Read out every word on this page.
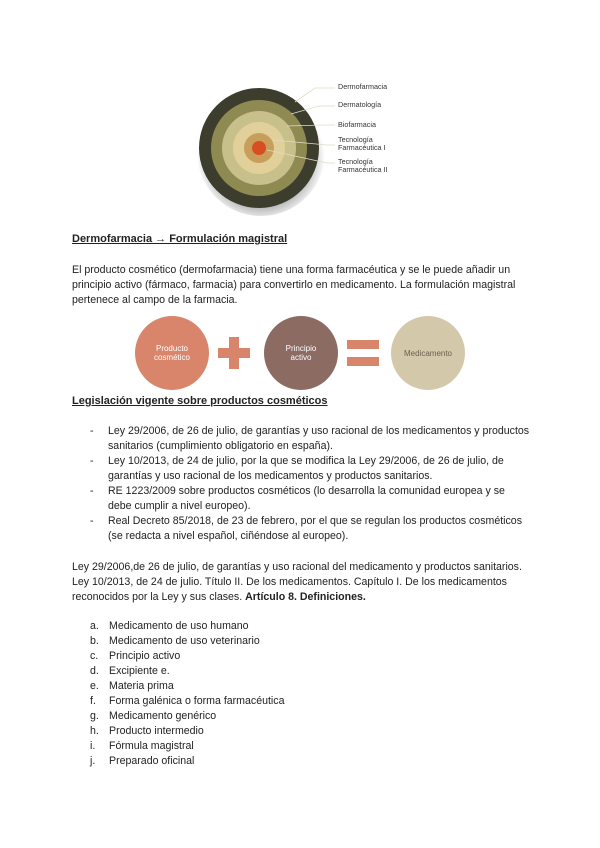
Dermofarmacia
Dermatología
Biofarmacia
Tecnología Farmacéutica I
Tecnología Farmacéutica II
Dermofarmacia → Formulación magistral
El producto cosmético (dermofarmacia) tiene una forma farmacéutica y se le puede añadir un principio activo (fármaco, farmacia) para convertirlo en medicamento. La formulación magistral pertenece al campo de la farmacia.
Producto cosmético
Principio activo	Medicamento
Legislación vigente sobre productos cosméticos
- Ley 29/2006, de 26 de julio, de garantías y uso racional de los medicamentos y productos sanitarios (cumplimiento obligatorio en españa).
- Ley 10/2013, de 24 de julio, por la que se modifica la Ley 29/2006, de 26 de julio, de garantías y uso racional de los medicamentos y productos sanitarios.
- RE 1223/2009 sobre productos cosméticos (lo desarrolla la comunidad europea y se debe cumplir a nivel europeo).
- Real Decreto 85/2018, de 23 de febrero, por el que se regulan los productos cosméticos (se redacta a nivel español, ciñéndose al europeo).
Ley 29/2006,de 26 de julio, de garantías y uso racional del medicamento y productos sanitarios. Ley 10/2013, de 24 de julio. Título II. De los medicamentos. Capítulo I. De los medicamentos reconocidos por la Ley y sus clases. Artículo 8. Definiciones.
a. Medicamento de uso humano
b. Medicamento de uso veterinario
c.	Principio activo
d. Excipiente e.
e. Materia prima
f.	Forma galénica o forma farmacéutica
g. Medicamento genérico
h. Producto intermedio
i.	Fórmula magistral
j.	Preparado oficinal
